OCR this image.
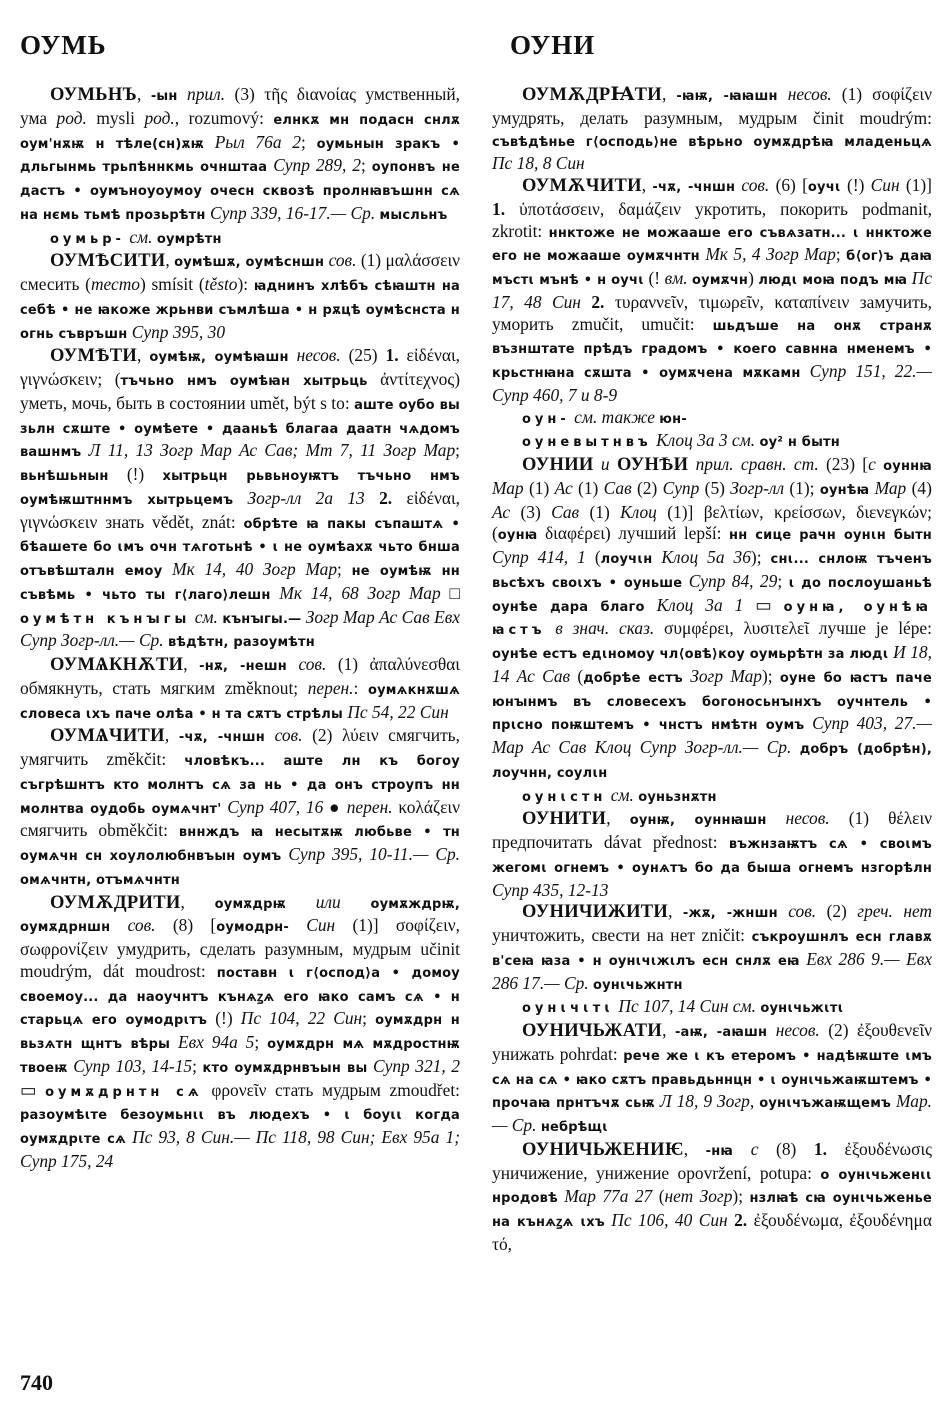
ОУМЬ	ОУНИ

ОУМЬНЪ, -ын прил. (3) τῆς διανοίας умственный, ума род. mysli род., rozumový: елнкѫ мн подасн снлѫ оум'нѫѭ н тѣле(сн)ѫѭ Рыл 76а 2; оумьнын зракъ • дльгынмь трьпѣннкмь очнштаа Супр 289, 2; оупонвъ не дастъ • оумъноуоумоу очесн сквозѣ пролнꙗвъшнн сѧ на нємь тьмѣ прозьрѣтн Супр 339, 16-17.— Ср. мысльнъ

оумьр- см. оумрѣтн

ОУМѢСИТИ, оумѣшѫ, оумѣсншн сов. (1) μαλάσσειν смесить (тесто) smísit (těsto): ꙗднинъ хлѣбъ сѣꙗштн на себѣ • не ꙗкоже жрьнви съмлѣша • н рѫцѣ оумѣснста н огнь съвръшн Супр 395, 30

ОУМѢТИ, оумѣѭ, оумѣꙗшн несов. (25) 1. εἰδέναι, γιγνώσκειν; (тъчьно нмъ оумѣꙗн хытрьць ἀντίτεχνος) уметь, мочь, быть в состоянии umět, být s to: аште оубо вы зьлн сѫште • оумѣете • дааньѣ благаа даатн чѧдомъ вашнмъ Л 11, 13 Зогр Мар Ас Сав; Мт 7, 11 Зогр Мар; вьнѣшьнын (!) хытрьцн рьвьноуѭтъ тъчьно нмъ оумѣѭштннмъ хытрьцемъ Зогр-лл 2а 13 2. εἰδέναι, γιγνώσκειν знать vědět, znát: обрѣте ꙗ пакы съпаштѧ • бѣашете бо ꙇмъ очн тѧготьнѣ • ꙇ не оумѣахѫ чьто бнша отъвѣшталн емоу Мк 14, 40 Зогр Мар; не оумѣѭ нн съвѣмь • чьто ты г⟨лаго⟩лешн Мк 14, 68 Зогр Мар □ оумѣтн кънꙑгы см. кънꙑгы.— Зогр Мар Ас Сав Евх Супр Зогр-лл.— Ср. вѣдѣтн, разоумѣтн

ОУМѦКНѪТИ, -нѫ, -нешн сов. (1) ἀπαλύνεσθαι обмякнуть, стать мягким změknout; перен.: оумѧкнѫшѧ словеса ꙇхъ паче олѣа • н та сѫтъ стрѣлы Пс 54, 22 Син

ОУМѦЧИТИ, -чѫ, -чншн сов. (2) λύειν смягчить, умягчить změkčit: чловѣкъ... аште лн къ богоу съгрѣшнтъ кто молнтъ сѧ за нь • да онъ строупъ нн молнтва оудобь оумѧчнт' Супр 407, 16 ● перен. κολάζειν смягчить obměkčit: вннждъ ꙗ несытѫѭ любьве • тн оумѧчн сн хоулолюбнвъын оумъ Супр 395, 10-11.— Ср. омѧчнтн, отъмѧчнтн

ОУМѪДРИТИ, оумѫдрѭ или оумѫждрѭ, оумѫдрншн сов. (8) [оумодрн- Син (1)] σοφίζειν, σωφρονίζειν умудрить, сделать разумным, мудрым učinit moudrým, dát moudrost: поставн ꙇ г⟨оспод⟩а • домоу своемоу... да наоучнтъ кънѧꙁѧ его ꙗко самъ сѧ • н старьцѧ его оумодрꙇтъ (!) Пс 104, 22 Син; оумѫдрн н вьзѧтн щнтъ вѣры Евх 94а 5; оумѫдрн мѧ мѫдростнѭ твоеѭ Супр 103, 14-15; кто оумѫдрнвъын вы Супр 321, 2 ▭ оумѫдрнтн сѧ φρονεῖν стать мудрым zmoudřet: разоумѣꙇте безоумьнꙇꙇ въ людехъ • ꙇ боуꙇꙇ когда оумѫдрꙇте сѧ Пс 93, 8 Син.— Пс 118, 98 Син; Евх 95а 1; Супр 175, 24

ОУМѪДРꙖТИ, -ꙗѭ, -ꙗꙗшн несов. (1) σοφίζειν умудрять, делать разумным, мудрым činit moudrým: съвѣдѣнье г⟨осподь⟩не вѣрьно оумѫдрѣꙗ младеньцѧ Пс 18, 8 Син

ОУМѪЧИТИ, -чѫ, -чншн сов. (6) [оучꙇ (!) Син (1)] 1. ὑποτάσσειν, δαμάζειν укротить, покорить podmanit, zkrotit: ннктоже не можааше его съвѧзатн... ꙇ ннктоже его не можааше оумѫчнтн Мк 5, 4 Зогр Мар; б⟨ог⟩ъ даꙗ мъстꙇ мънѣ • н оучꙇ (! вм. оумѫчн) людꙇ моꙗ подъ мꙗ Пс 17, 48 Син 2. τυραννεῖν, τιμωρεῖν, καταπίνειν замучить, уморить zmučit, umučit: шьдъше на онѫ странѫ възнштате прѣдъ градомъ • коего савнна нменемъ • крьстнꙗна сѫшта • оумѫчена мѫкамн Супр 151, 22.— Супр 460, 7 и 8-9

оун- см. также юн-

оуневытнвъ Клоц 3а 3 см. оу² н бытн

ОУНИИ и ОУНѢИ прил. сравн. ст. (23) [с оуннꙗ Мар (1) Ас (1) Сав (2) Супр (5) Зогр-лл (1); оунѣꙗ Мар (4) Ас (3) Сав (1) Клоц (1)] βελτίων, κρείσσων, διενεγκών; (оунꙗ διαφέρει) лучший lepší: нн сице рачн оунꙇн бытн Супр 414, 1 (лоучꙇн Клоц 5а 36); снꙇ... снлоѭ тъченъ вьсѣхъ своꙇхъ • оуньше Супр 84, 29; ꙇ до послоушаньѣ оунѣе дара благо Клоц 3а 1 ▭ оунꙗ, оунѣꙗ ꙗстъ в знач. сказ. συμφέρει, λυσιτελεῖ лучше je lépe: оунѣе естъ едꙇномоу чл⟨овѣ⟩коу оумьрѣтн за людꙇ И 18, 14 Ас Сав (добрѣе естъ Зогр Мар); оуне бо ꙗстъ паче юнꙑнмъ въ словесехъ богоносьнꙑнхъ оучнтель • прꙇсно поѭштемъ • чнстъ нмѣтн оумъ Супр 403, 27.— Мар Ас Сав Клоц Супр Зогр-лл.— Ср. добръ (добрѣн), лоучнн, соулꙇн

оунꙇстн см. оуньзнѫтн

ОУНИТИ, оунѭ, оуннꙗшн несов. (1) θέλειν предпочитать dávat přednost: въжнзаѭтъ сѧ • своꙇмъ жегомꙇ огнемъ • оунѧтъ бо да быша огнемъ нзгорѣлн Супр 435, 12-13

ОУНИЧИЖИТИ, -жѫ, -жншн сов. (2) греч. нет уничтожить, свести на нет zničit: съкроушнлъ есн главѫ в'сеꙗ ꙗза • н оунꙇчꙇжꙇлъ есн снлѫ еꙗ Евх 286 9.— Евх 286 17.— Ср. оунꙇчьжнтн

оунꙇчꙇтꙇ Пс 107, 14 Син см. оунꙇчьжꙇтꙇ

ОУНИЧЬЖАТИ, -аѭ, -аꙗшн несов. (2) ἐξουθενεῖν унижать pohrdat: рече же ꙇ къ етеромъ • надѣѭште ꙇмъ сѧ на сѧ • ꙗко сѫтъ правьдьннцн • ꙇ оунꙇчьжаѭштемъ • прочаꙗ прнтъчѫ сьѭ Л 18, 9 Зогр, оунꙇчъжаѭщемъ Мар.— Ср. небрѣщꙇ

ОУНИЧЬЖЕНИѤ, -нꙗ с (8) 1. ἐξουδένωσις уничижение, унижение opovržení, potupa: о оунꙇчьженꙇꙇ нродовѣ Мар 77а 27 (нет Зогр); нзлꙗѣ сꙗ оунꙇчьженье на кънѧꙁѧ ꙇхъ Пс 106, 40 Син 2. ἐξουδένωμα, ἐξουδένημα τό,

740
